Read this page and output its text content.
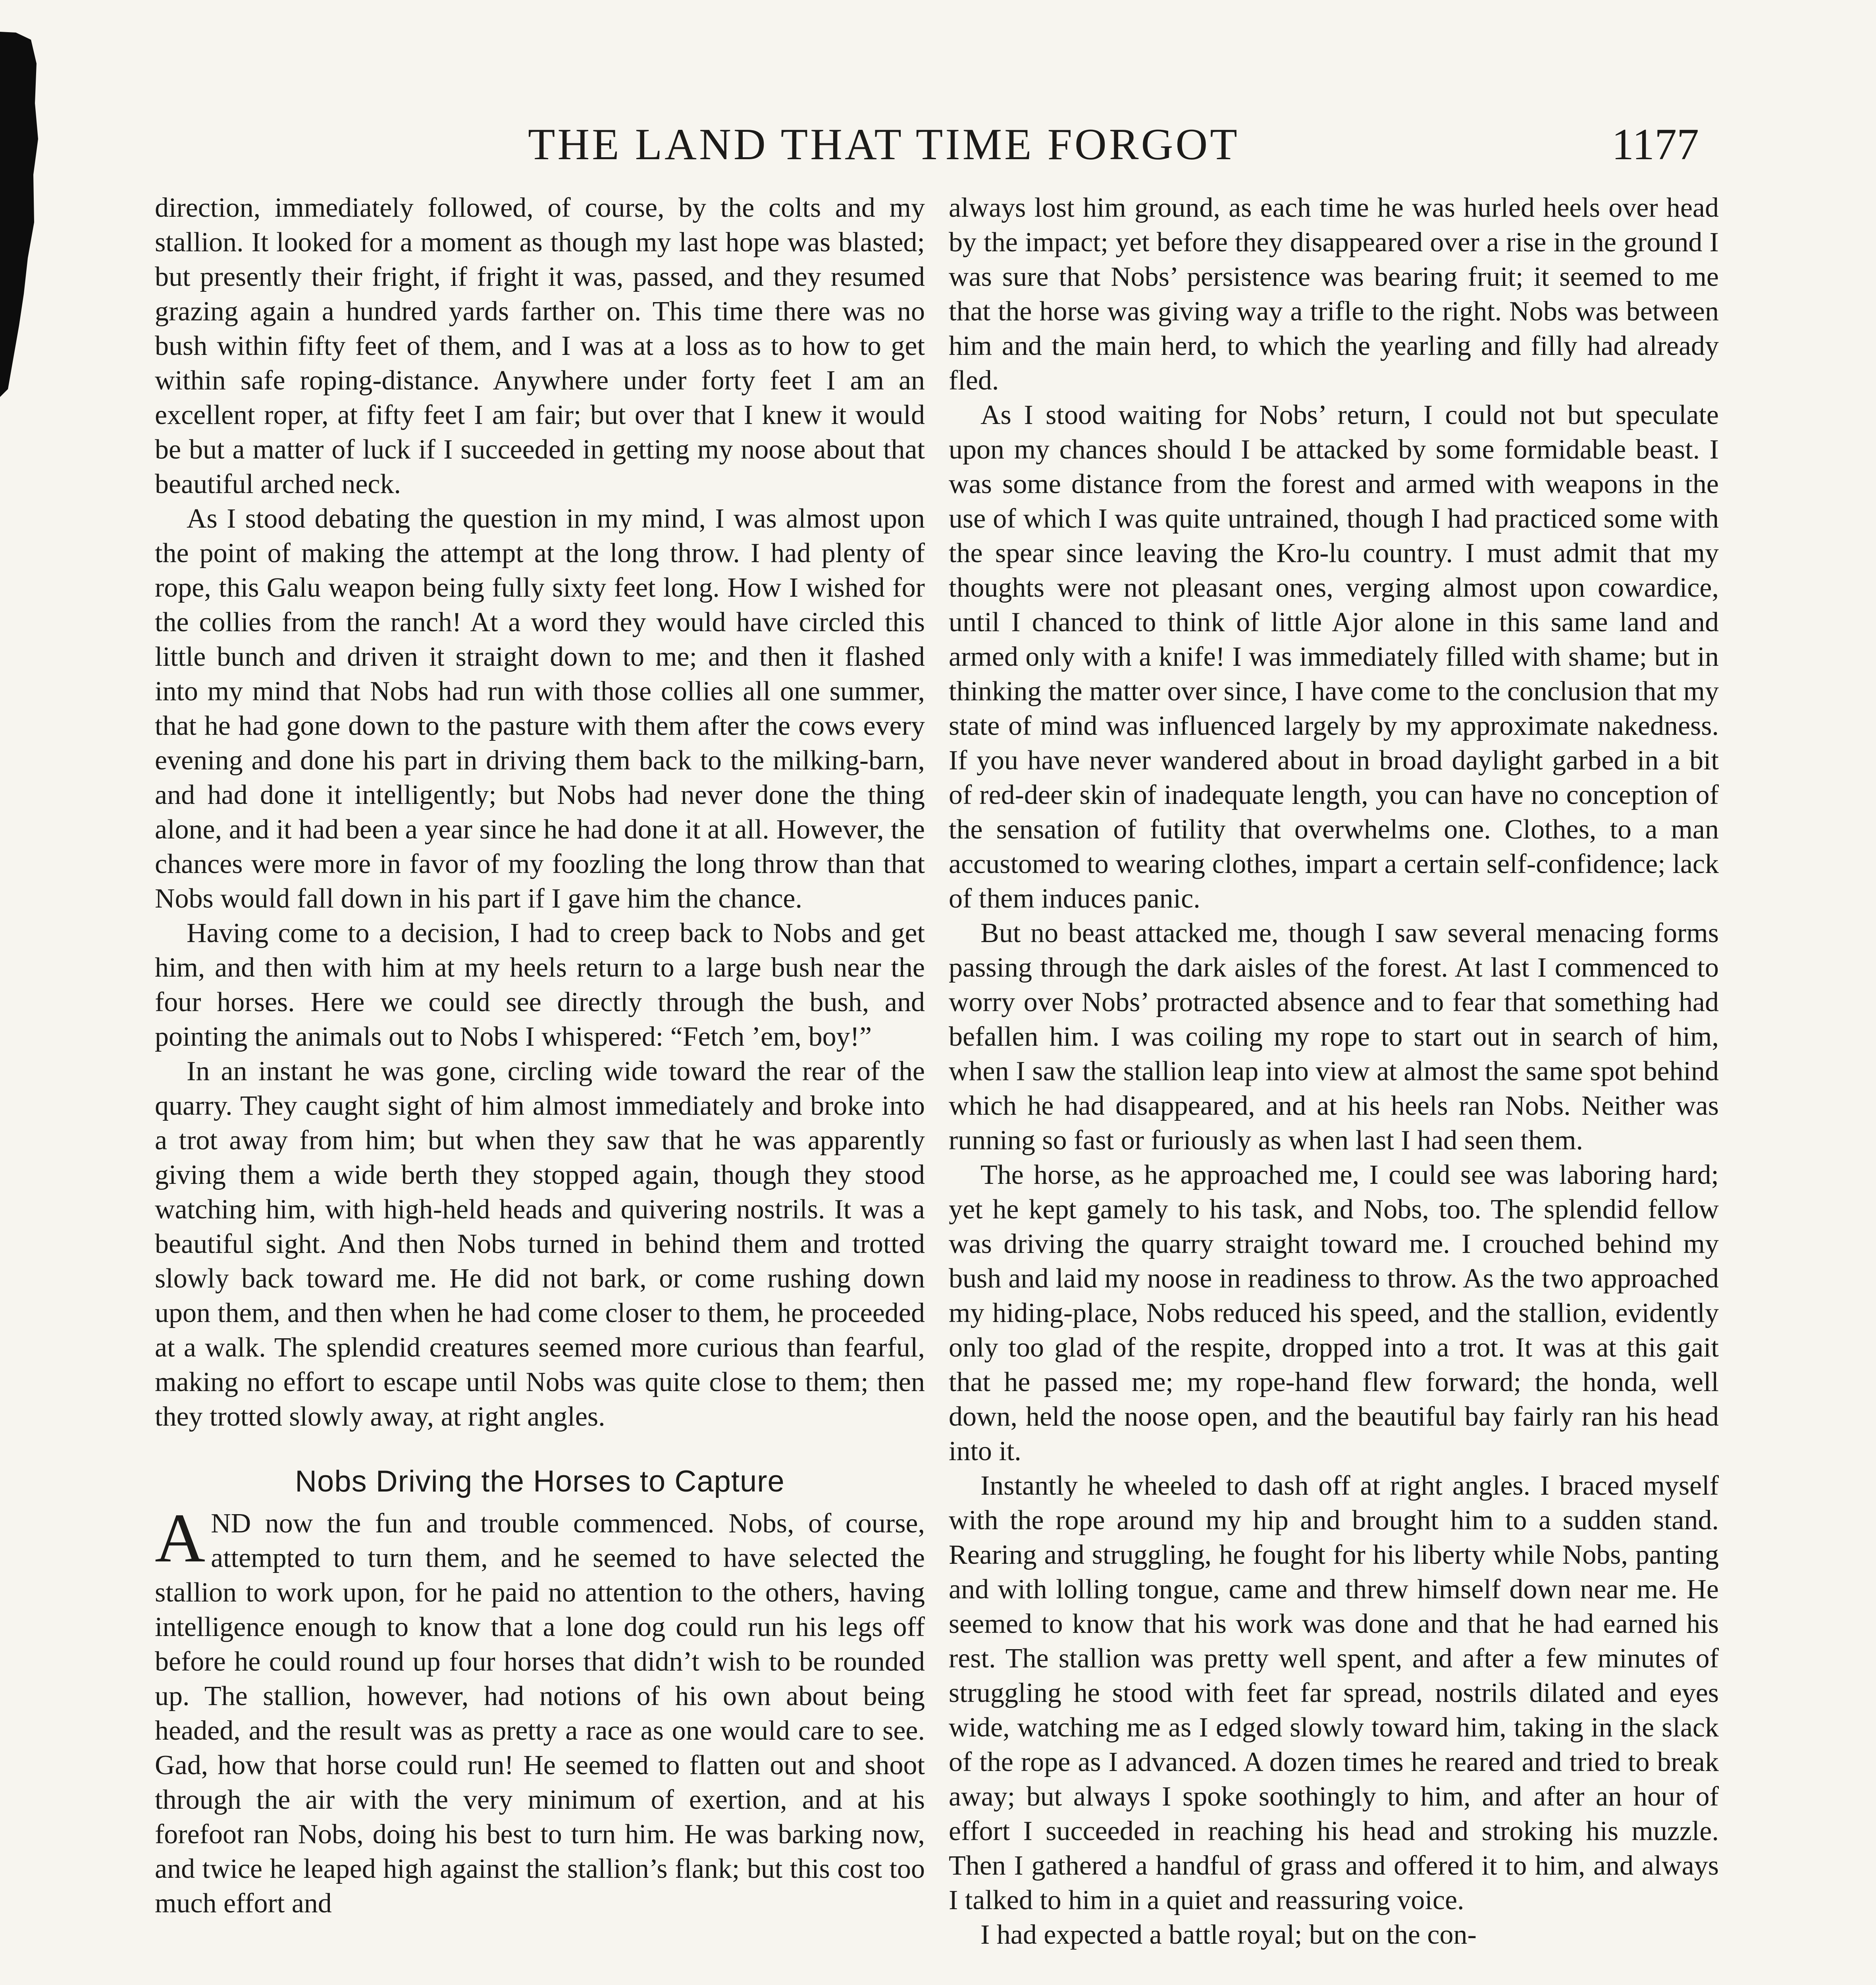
THE LAND THAT TIME FORGOT	1177

direction, immediately followed, of course, by the colts and my stallion. It looked for a moment as though my last hope was blasted; but presently their fright, if fright it was, passed, and they resumed grazing again a hundred yards farther on. This time there was no bush within fifty feet of them, and I was at a loss as to how to get within safe roping-distance. Anywhere under forty feet I am an excellent roper, at fifty feet I am fair; but over that I knew it would be but a matter of luck if I succeeded in getting my noose about that beautiful arched neck.

As I stood debating the question in my mind, I was almost upon the point of making the attempt at the long throw. I had plenty of rope, this Galu weapon being fully sixty feet long. How I wished for the collies from the ranch! At a word they would have circled this little bunch and driven it straight down to me; and then it flashed into my mind that Nobs had run with those collies all one summer, that he had gone down to the pasture with them after the cows every evening and done his part in driving them back to the milking-barn, and had done it intelligently; but Nobs had never done the thing alone, and it had been a year since he had done it at all. However, the chances were more in favor of my foozling the long throw than that Nobs would fall down in his part if I gave him the chance.

Having come to a decision, I had to creep back to Nobs and get him, and then with him at my heels return to a large bush near the four horses. Here we could see directly through the bush, and pointing the animals out to Nobs I whispered: “Fetch ’em, boy!”

In an instant he was gone, circling wide toward the rear of the quarry. They caught sight of him almost immediately and broke into a trot away from him; but when they saw that he was apparently giving them a wide berth they stopped again, though they stood watching him, with high-held heads and quivering nostrils. It was a beautiful sight. And then Nobs turned in behind them and trotted slowly back toward me. He did not bark, or come rushing down upon them, and then when he had come closer to them, he proceeded at a walk. The splendid creatures seemed more curious than fearful, making no effort to escape until Nobs was quite close to them; then they trotted slowly away, at right angles.

Nobs Driving the Horses to Capture

AND now the fun and trouble commenced. Nobs, of course, attempted to turn them, and he seemed to have selected the stallion to work upon, for he paid no attention to the others, having intelligence enough to know that a lone dog could run his legs off before he could round up four horses that didn’t wish to be rounded up. The stallion, however, had notions of his own about being headed, and the result was as pretty a race as one would care to see. Gad, how that horse could run! He seemed to flatten out and shoot through the air with the very minimum of exertion, and at his forefoot ran Nobs, doing his best to turn him. He was barking now, and twice he leaped high against the stallion’s flank; but this cost too much effort and

always lost him ground, as each time he was hurled heels over head by the impact; yet before they disappeared over a rise in the ground I was sure that Nobs’ persistence was bearing fruit; it seemed to me that the horse was giving way a trifle to the right. Nobs was between him and the main herd, to which the yearling and filly had already fled.

As I stood waiting for Nobs’ return, I could not but speculate upon my chances should I be attacked by some formidable beast. I was some distance from the forest and armed with weapons in the use of which I was quite untrained, though I had practiced some with the spear since leaving the Kro-lu country. I must admit that my thoughts were not pleasant ones, verging almost upon cowardice, until I chanced to think of little Ajor alone in this same land and armed only with a knife! I was immediately filled with shame; but in thinking the matter over since, I have come to the conclusion that my state of mind was influenced largely by my approximate nakedness. If you have never wandered about in broad daylight garbed in a bit of red-deer skin of inadequate length, you can have no conception of the sensation of futility that overwhelms one. Clothes, to a man accustomed to wearing clothes, impart a certain self-confidence; lack of them induces panic.

But no beast attacked me, though I saw several menacing forms passing through the dark aisles of the forest. At last I commenced to worry over Nobs’ protracted absence and to fear that something had befallen him. I was coiling my rope to start out in search of him, when I saw the stallion leap into view at almost the same spot behind which he had disappeared, and at his heels ran Nobs. Neither was running so fast or furiously as when last I had seen them.

The horse, as he approached me, I could see was laboring hard; yet he kept gamely to his task, and Nobs, too. The splendid fellow was driving the quarry straight toward me. I crouched behind my bush and laid my noose in readiness to throw. As the two approached my hiding-place, Nobs reduced his speed, and the stallion, evidently only too glad of the respite, dropped into a trot. It was at this gait that he passed me; my rope-hand flew forward; the honda, well down, held the noose open, and the beautiful bay fairly ran his head into it.

Instantly he wheeled to dash off at right angles. I braced myself with the rope around my hip and brought him to a sudden stand. Rearing and struggling, he fought for his liberty while Nobs, panting and with lolling tongue, came and threw himself down near me. He seemed to know that his work was done and that he had earned his rest. The stallion was pretty well spent, and after a few minutes of struggling he stood with feet far spread, nostrils dilated and eyes wide, watching me as I edged slowly toward him, taking in the slack of the rope as I advanced. A dozen times he reared and tried to break away; but always I spoke soothingly to him, and after an hour of effort I succeeded in reaching his head and stroking his muzzle. Then I gathered a handful of grass and offered it to him, and always I talked to him in a quiet and reassuring voice.

I had expected a battle royal; but on the con-
